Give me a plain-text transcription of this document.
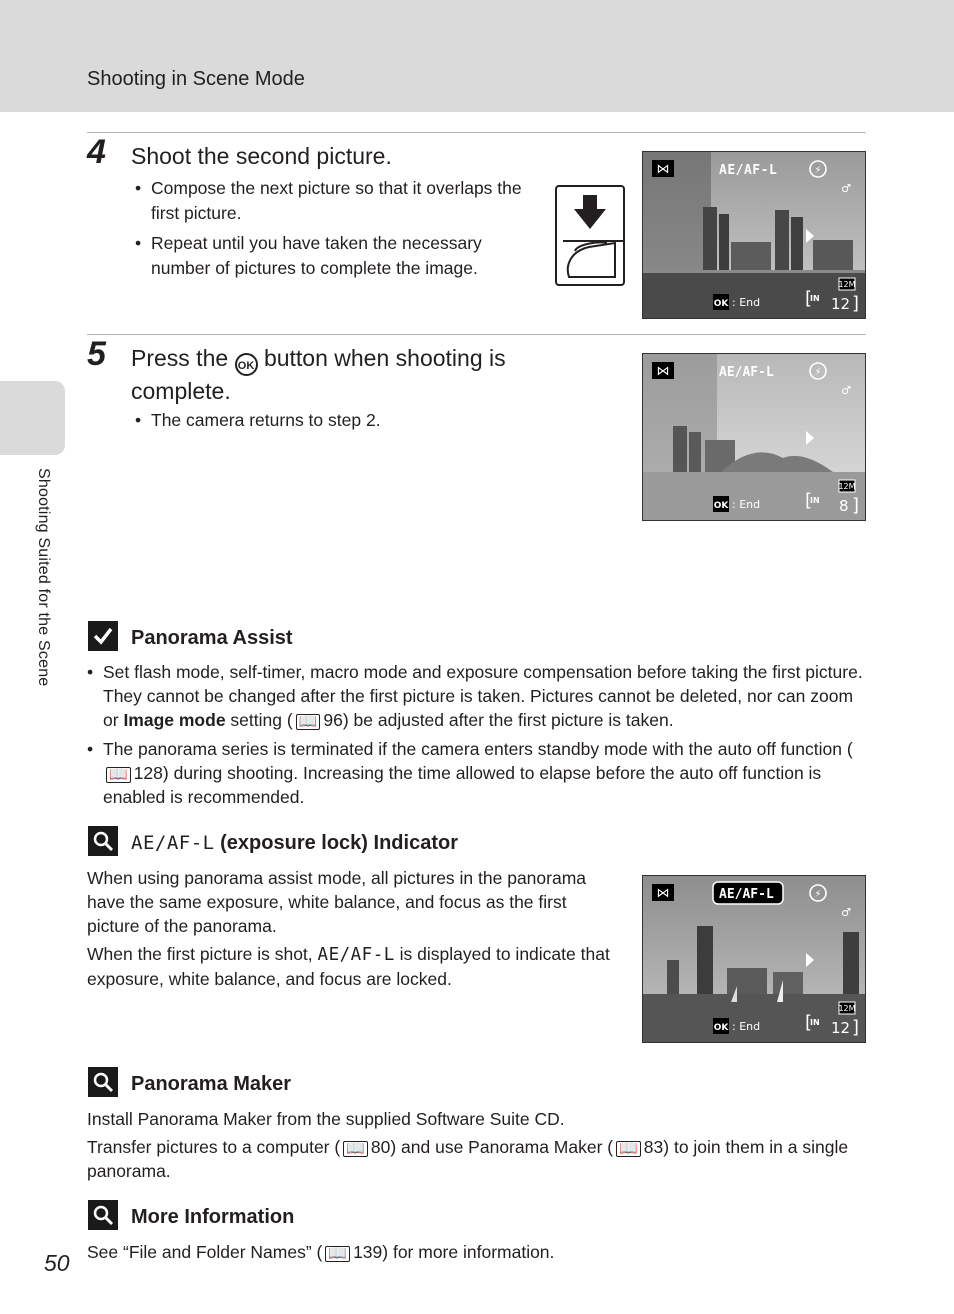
Shooting in Scene Mode
Shooting Suited for the Scene
4 Shoot the second picture.
• Compose the next picture so that it overlaps the first picture.
• Repeat until you have taken the necessary number of pictures to complete the image.
⋈	AE/AF-L	⚡
♂
12M
OK : End [
IN 12 ]
5 Press the OK button when shooting is complete.
• The camera returns to step 2.
⋈	AE/AF-L	⚡
♂
12M
OK : End [
IN 8 ]
Panorama Assist
• Set flash mode, self-timer, macro mode and exposure compensation before taking the first picture. They cannot be changed after the first picture is taken. Pictures cannot be deleted, nor can zoom or Image mode setting ( 📖 96) be adjusted after the first picture is taken.
• The panorama series is terminated if the camera enters standby mode with the auto off function (📖 128) during shooting. Increasing the time allowed to elapse before the auto off function is enabled is recommended.
AE/AF-L (exposure lock) Indicator

When using panorama assist mode, all pictures in the panorama have the same exposure, white balance, and focus as the first picture of the panorama.

When the first picture is shot, AE/AF-L is displayed to indicate that exposure, white balance, and focus are locked.

⋈	AE/AF-L	⚡
♂
12M
OK : End [
IN 12 ]
Panorama Maker

Install Panorama Maker from the supplied Software Suite CD.

Transfer pictures to a computer ( 📖 80) and use Panorama Maker ( 📖 83) to join them in a single panorama.

More Information

See “File and Folder Names” ( 📖 139) for more information.

50
